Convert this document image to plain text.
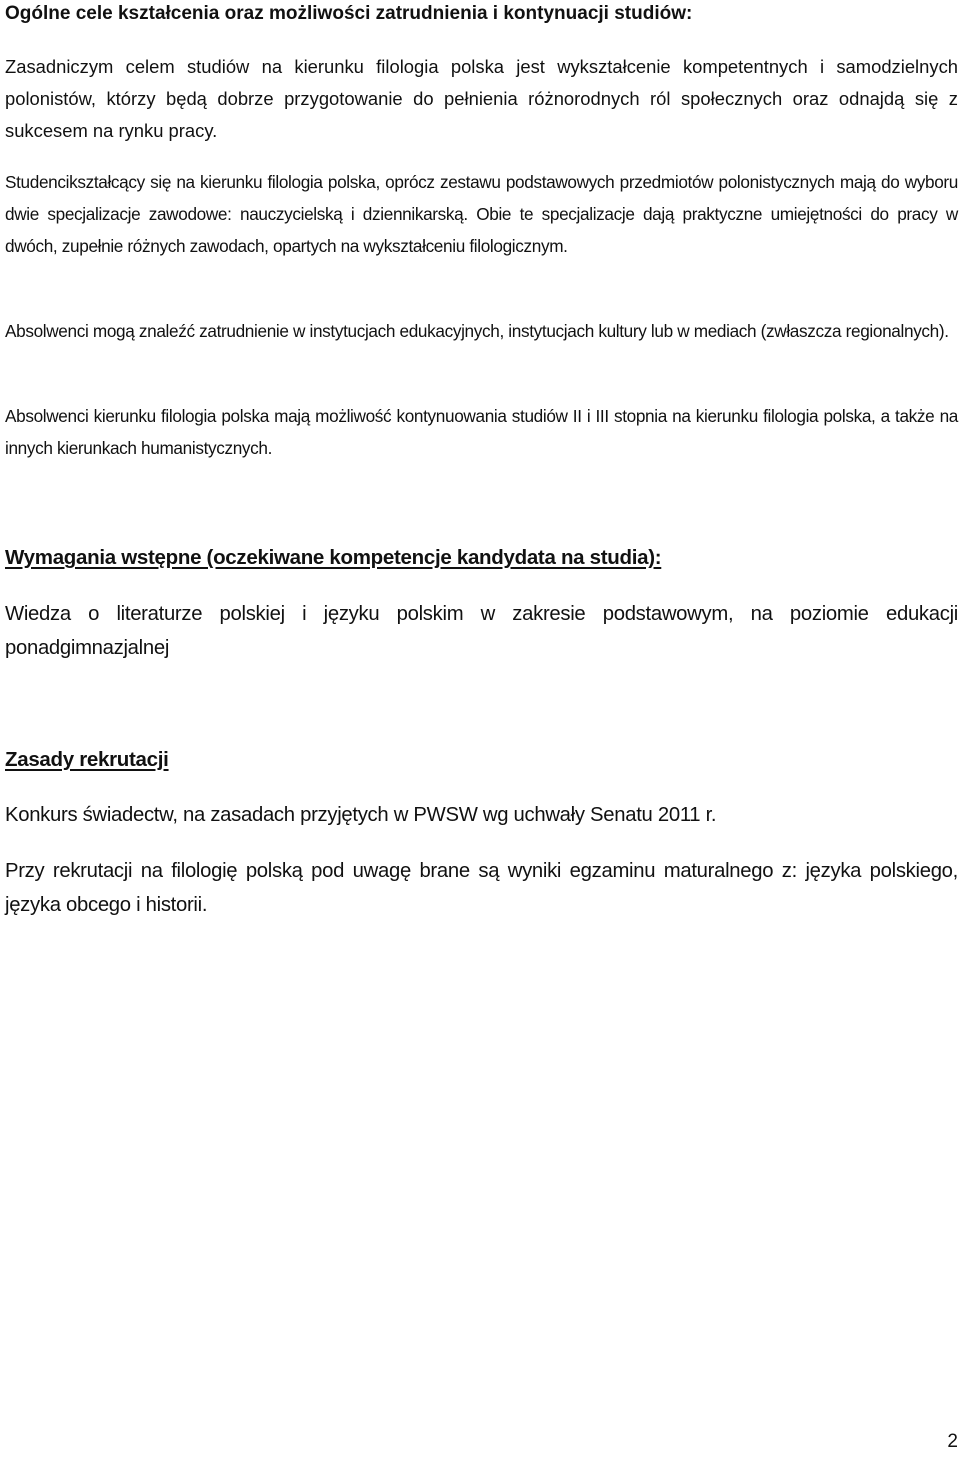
Ogólne cele kształcenia oraz możliwości zatrudnienia i kontynuacji studiów:

Zasadniczym celem studiów na kierunku filologia polska jest wykształcenie kompetentnych i samodzielnych polonistów, którzy będą dobrze przygotowanie do pełnienia różnorodnych ról społecznych oraz odnajdą się z sukcesem na rynku pracy.

Studencikształcący się na kierunku filologia polska, oprócz zestawu podstawowych przedmiotów polonistycznych mają do wyboru dwie specjalizacje zawodowe: nauczycielską i dziennikarską. Obie te specjalizacje dają praktyczne umiejętności do pracy w dwóch, zupełnie różnych zawodach, opartych na wykształceniu filologicznym.

Absolwenci mogą znaleźć zatrudnienie w instytucjach edukacyjnych, instytucjach kultury lub w mediach (zwłaszcza regionalnych).

Absolwenci kierunku filologia polska mają możliwość kontynuowania studiów II i III stopnia na kierunku filologia polska, a także na innych kierunkach humanistycznych.

Wymagania wstępne (oczekiwane kompetencje kandydata na studia):

Wiedza o literaturze polskiej i języku polskim w zakresie podstawowym, na poziomie edukacji ponadgimnazjalnej

Zasady rekrutacji

Konkurs świadectw, na zasadach przyjętych w PWSW wg uchwały Senatu 2011 r.

Przy rekrutacji na filologię polską pod uwagę brane są wyniki egzaminu maturalnego z: języka polskiego, języka obcego i historii.

2
